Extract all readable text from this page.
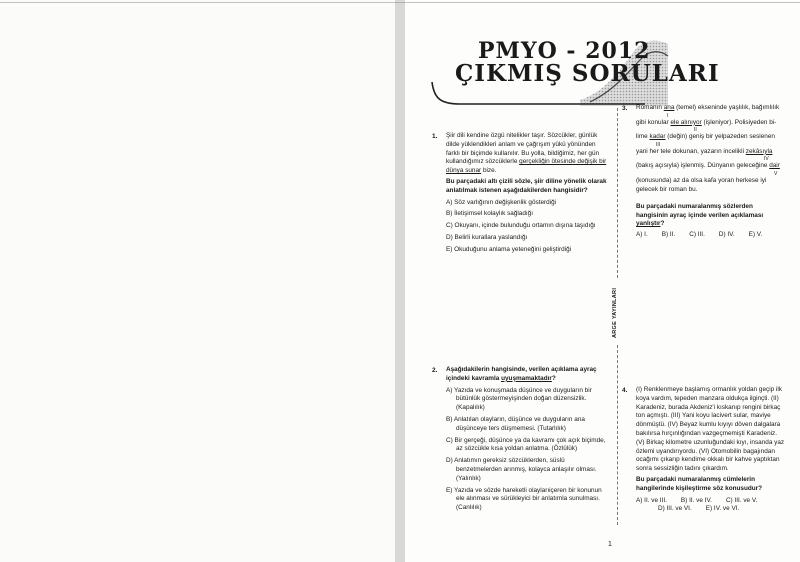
PMYO - 2012
ÇIKMIŞ SORULARI
1. Şiir dili kendine özgü nitelikler taşır. Sözcükler, günlük dilde yüklendikleri anlam ve çağrışım yükü yönünden farklı bir biçimde kullanılır. Bu yolla, bildiğimiz, her gün kullandığımız sözcüklerle gerçekliğin ötesinde değişik bir dünya sunar bize.
Bu parçadaki altı çizili sözle, şiir diline yönelik olarak anlatılmak istenen aşağıdakilerden hangisidir?
A) Söz varlığının değişkenlik gösterdiği
B) İletişimsel kolaylık sağladığı
C) Okuyanı, içinde bulunduğu ortamın dışına taşıdığı
D) Belirli kurallara yaslandığı
E) Okuduğunu anlama yeteneğini geliştirdiği
2. Aşağıdakilerin hangisinde, verilen açıklama ayraç içindeki kavramla uyuşmamaktadır?
A) Yazıda ve konuşmada düşünce ve duyguların bir bütünlük göstermeyişinden doğan düzensizlik. (Kapalılık)
B) Anlatılan olayların, düşünce ve duyguların ana düşünceye ters düşmemesi. (Tutarlılık)
C) Bir gerçeği, düşünce ya da kavramı çok açık biçimde, az sözcükle kısa yoldan anlatma. (Özlülük)
D) Anlatımın gereksiz sözcüklerden, süslü benzetmelerden arınmış, kolayca anlaşılır olması. (Yalınlık)
E) Yazıda ve sözde hareketli olaylarıiçeren bir konunun ele alınması ve sürükleyici bir anlatımla sunulması. (Canlılık)
ARGE YAYINLARI
3. Romanın ana (temel) ekseninde yaşlılık, bağımlılık
I
gibi konular ele alınıyor (işleniyor). Polisiyeden bi-
II
lime kadar (değin) geniş bir yelpazeden seslenen
III
yani her tele dokunan, yazarın incelikli zekâsıyla
IV
(bakış açısıyla) işlenmiş. Dünyanın geleceğine dair
V
(konusunda) az da olsa kafa yoran herkese iyi gelecek bir roman bu.
Bu parçadaki numaralanmış sözlerden hangisinin ayraç içinde verilen açıklaması yanlıştır?
A) I. B) II. C) III. D) IV. E) V.
4. (I) Renklenmeye başlamış ormanlık yoldan geçip ilk koya vardım, tepeden manzara oldukça ilginçti. (II) Karadeniz, burada Akdeniz'i kıskanıp rengini birkaç ton açmıştı. (III) Yani koyu lacivert sular, maviye dönmüştü. (IV) Beyaz kumlu kıyıyı döven dalgalara bakılırsa hırçınlığından vazgeçmemişti Karadeniz. (V) Birkaç kilometre uzunluğundaki kıyı, insanda yaz özlemi uyandırıyordu. (VI) Otomobilin bagajından ocağımı çıkarıp kendime okkalı bir kahve yaptıktan sonra sessizliğin tadını çıkardım.
Bu parçadaki numaralanmış cümlelerin hangilerinde kişileştirme söz konusudur?
A) II. ve III. B) II. ve IV. C) III. ve V.
D) III. ve VI. E) IV. ve VI.
1
